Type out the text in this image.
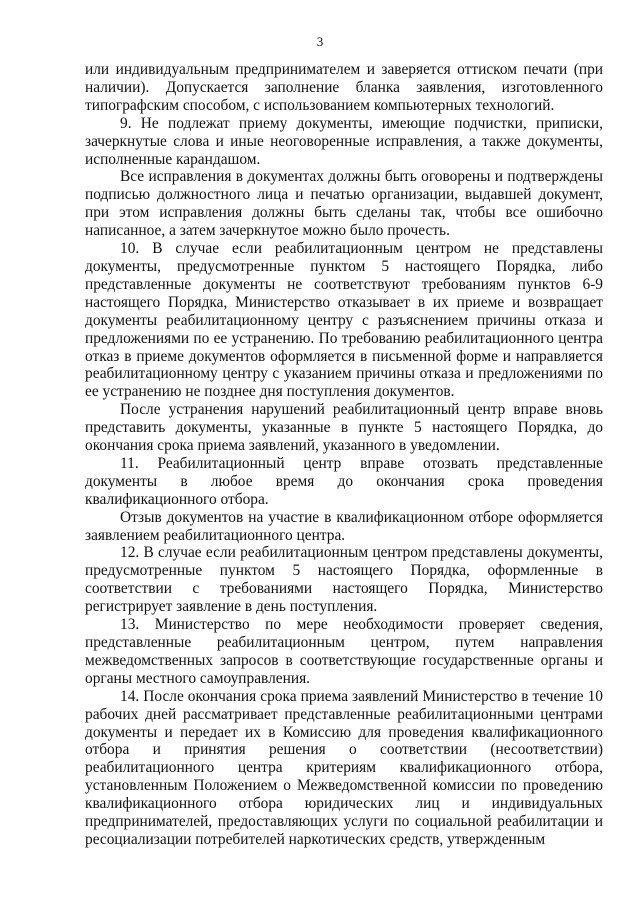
3

или индивидуальным предпринимателем и заверяется оттиском печати (при наличии). Допускается заполнение бланка заявления, изготовленного типографским способом, с использованием компьютерных технологий.

9. Не подлежат приему документы, имеющие подчистки, приписки, зачеркнутые слова и иные неоговоренные исправления, а также документы, исполненные карандашом.

Все исправления в документах должны быть оговорены и подтверждены подписью должностного лица и печатью организации, выдавшей документ, при этом исправления должны быть сделаны так, чтобы все ошибочно написанное, а затем зачеркнутое можно было прочесть.

10. В случае если реабилитационным центром не представлены документы, предусмотренные пунктом 5 настоящего Порядка, либо представленные документы не соответствуют требованиям пунктов 6-9 настоящего Порядка, Министерство отказывает в их приеме и возвращает документы реабилитационному центру с разъяснением причины отказа и предложениями по ее устранению. По требованию реабилитационного центра отказ в приеме документов оформляется в письменной форме и направляется реабилитационному центру с указанием причины отказа и предложениями по ее устранению не позднее дня поступления документов.

После устранения нарушений реабилитационный центр вправе вновь представить документы, указанные в пункте 5 настоящего Порядка, до окончания срока приема заявлений, указанного в уведомлении.

11. Реабилитационный центр вправе отозвать представленные документы в любое время до окончания срока проведения квалификационного отбора.

Отзыв документов на участие в квалификационном отборе оформляется заявлением реабилитационного центра.

12. В случае если реабилитационным центром представлены документы, предусмотренные пунктом 5 настоящего Порядка, оформленные в соответствии с требованиями настоящего Порядка, Министерство регистрирует заявление в день поступления.

13. Министерство по мере необходимости проверяет сведения, представленные реабилитационным центром, путем направления межведомственных запросов в соответствующие государственные органы и органы местного самоуправления.

14. После окончания срока приема заявлений Министерство в течение 10 рабочих дней рассматривает представленные реабилитационными центрами документы и передает их в Комиссию для проведения квалификационного отбора и принятия решения о соответствии (несоответствии) реабилитационного центра критериям квалификационного отбора, установленным Положением о Межведомственной комиссии по проведению квалификационного отбора юридических лиц и индивидуальных предпринимателей, предоставляющих услуги по социальной реабилитации и ресоциализации потребителей наркотических средств, утвержденным
